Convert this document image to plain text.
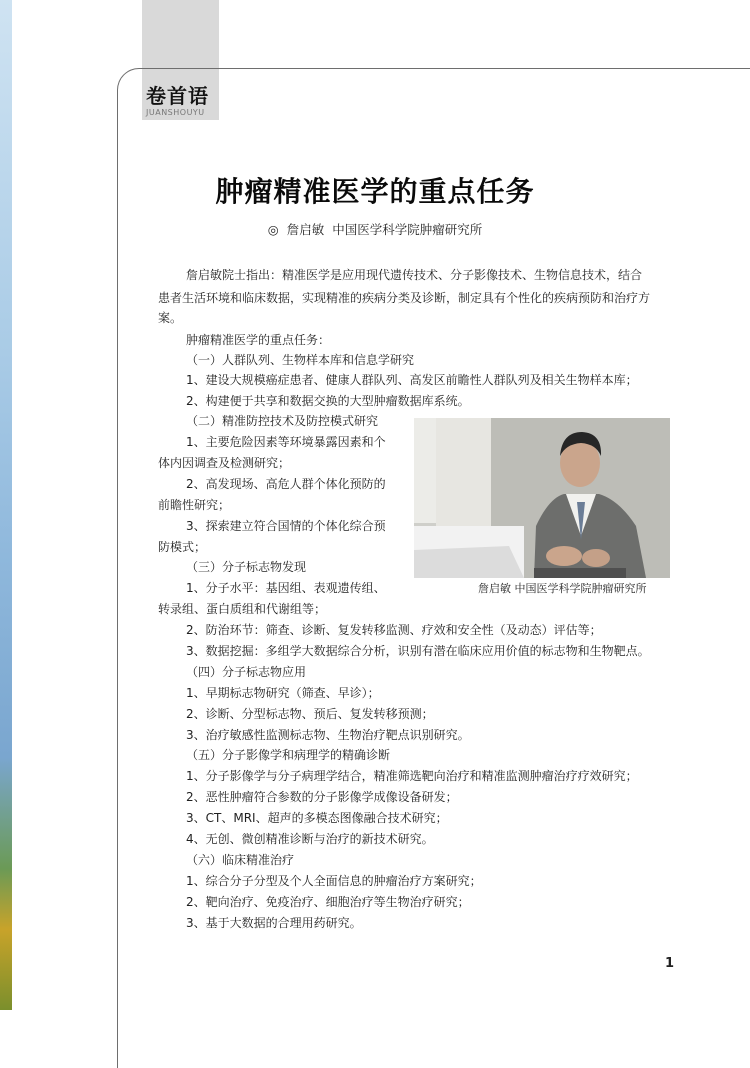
卷首语
JUANSHOUYU
肿瘤精准医学的重点任务
◎ 詹启敏 中国医学科学院肿瘤研究所
詹启敏院士指出：精准医学是应用现代遗传技术、分子影像技术、生物信息技术，结合
患者生活环境和临床数据，实现精准的疾病分类及诊断，制定具有个性化的疾病预防和治疗方
案。
肿瘤精准医学的重点任务：
（一）人群队列、生物样本库和信息学研究
1、建设大规模癌症患者、健康人群队列、高发区前瞻性人群队列及相关生物样本库；
2、构建便于共享和数据交换的大型肿瘤数据库系统。
（二）精准防控技术及防控模式研究
1、主要危险因素等环境暴露因素和个
体内因调查及检测研究；
2、高发现场、高危人群个体化预防的
前瞻性研究；
3、探索建立符合国情的个体化综合预
防模式；
（三）分子标志物发现
1、分子水平：基因组、表观遗传组、
转录组、蛋白质组和代谢组等；
2、防治环节：筛查、诊断、复发转移监测、疗效和安全性（及动态）评估等；
3、数据挖掘：多组学大数据综合分析，识别有潜在临床应用价值的标志物和生物靶点。
（四）分子标志物应用
1、早期标志物研究（筛查、早诊）；
2、诊断、分型标志物、预后、复发转移预测；
3、治疗敏感性监测标志物、生物治疗靶点识别研究。
（五）分子影像学和病理学的精确诊断
1、分子影像学与分子病理学结合，精准筛选靶向治疗和精准监测肿瘤治疗疗效研究；
2、恶性肿瘤符合参数的分子影像学成像设备研发；
3、CT、MRI、超声的多模态图像融合技术研究；
4、无创、微创精准诊断与治疗的新技术研究。
（六）临床精准治疗
1、综合分子分型及个人全面信息的肿瘤治疗方案研究；
2、靶向治疗、免疫治疗、细胞治疗等生物治疗研究；
3、基于大数据的合理用药研究。
詹启敏 中国医学科学院肿瘤研究所
1
